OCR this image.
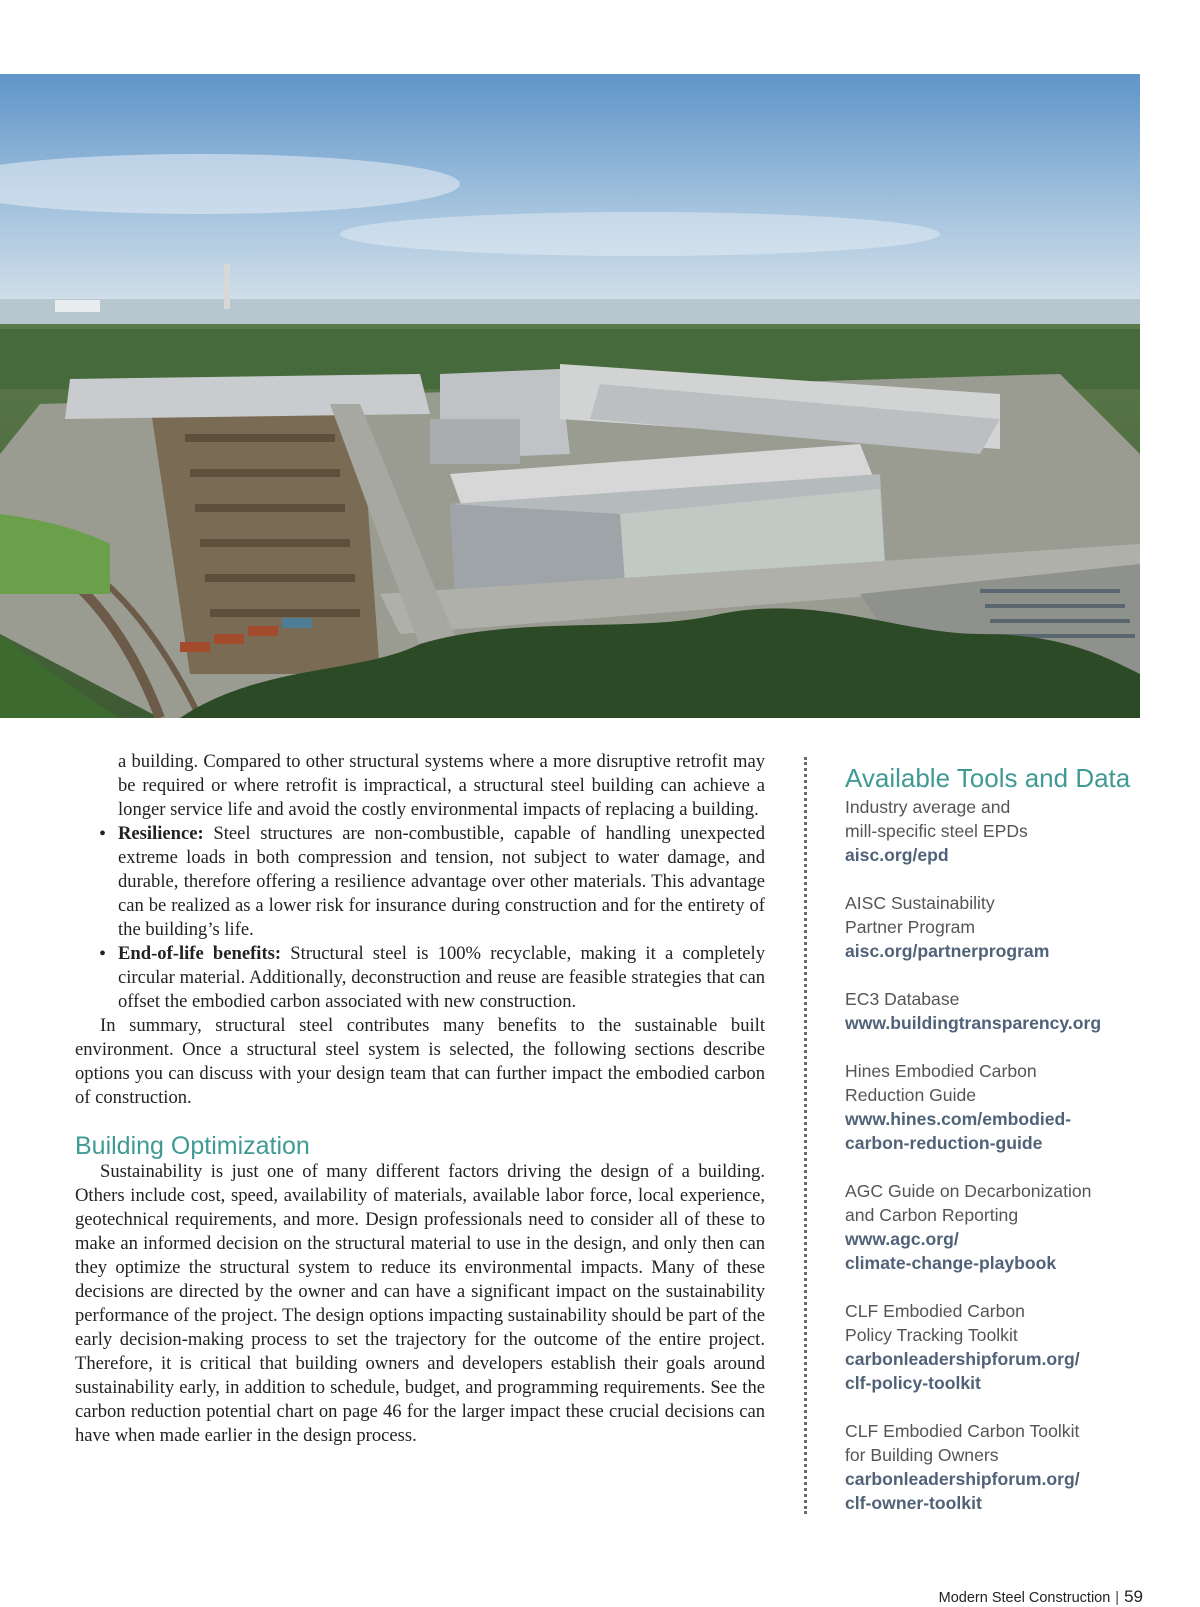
a building. Compared to other structural systems where a more disruptive retrofit may be required or where retrofit is impractical, a structural steel building can achieve a longer service life and avoid the costly environmental impacts of replacing a building.

• Resilience: Steel structures are non-combustible, capable of handling unexpected extreme loads in both compression and tension, not subject to water damage, and durable, therefore offering a resilience advantage over other materials. This advantage can be realized as a lower risk for insurance during construction and for the entirety of the building’s life.
• End-of-life benefits: Structural steel is 100% recyclable, making it a completely circular material. Additionally, deconstruction and reuse are feasible strategies that can offset the embodied carbon associated with new construction.

In summary, structural steel contributes many benefits to the sustainable built environment. Once a structural steel system is selected, the following sections describe options you can discuss with your design team that can further impact the embodied carbon of construction.

Building Optimization

Sustainability is just one of many different factors driving the design of a building. Others include cost, speed, availability of materials, available labor force, local experience, geotechnical requirements, and more. Design professionals need to consider all of these to make an informed decision on the structural material to use in the design, and only then can they optimize the structural system to reduce its environmental impacts. Many of these decisions are directed by the owner and can have a significant impact on the sustainability performance of the project. The design options impacting sustainability should be part of the early decision-making process to set the trajectory for the outcome of the entire project. Therefore, it is critical that building owners and developers establish their goals around sustainability early, in addition to schedule, budget, and programming requirements. See the carbon reduction potential chart on page 46 for the larger impact these crucial decisions can have when made earlier in the design process.

Available Tools and Data
Industry average and
mill-specific steel EPDs
aisc.org/epd
AISC Sustainability
Partner Program
aisc.org/partnerprogram
EC3 Database
www.buildingtransparency.org
Hines Embodied Carbon
Reduction Guide
www.hines.com/embodied-
carbon-reduction-guide
AGC Guide on Decarbonization
and Carbon Reporting
www.agc.org/
climate-change-playbook
CLF Embodied Carbon
Policy Tracking Toolkit
carbonleadershipforum.org/
clf-policy-toolkit
CLF Embodied Carbon Toolkit
for Building Owners
carbonleadershipforum.org/
clf-owner-toolkit
Modern Steel Construction | 59
